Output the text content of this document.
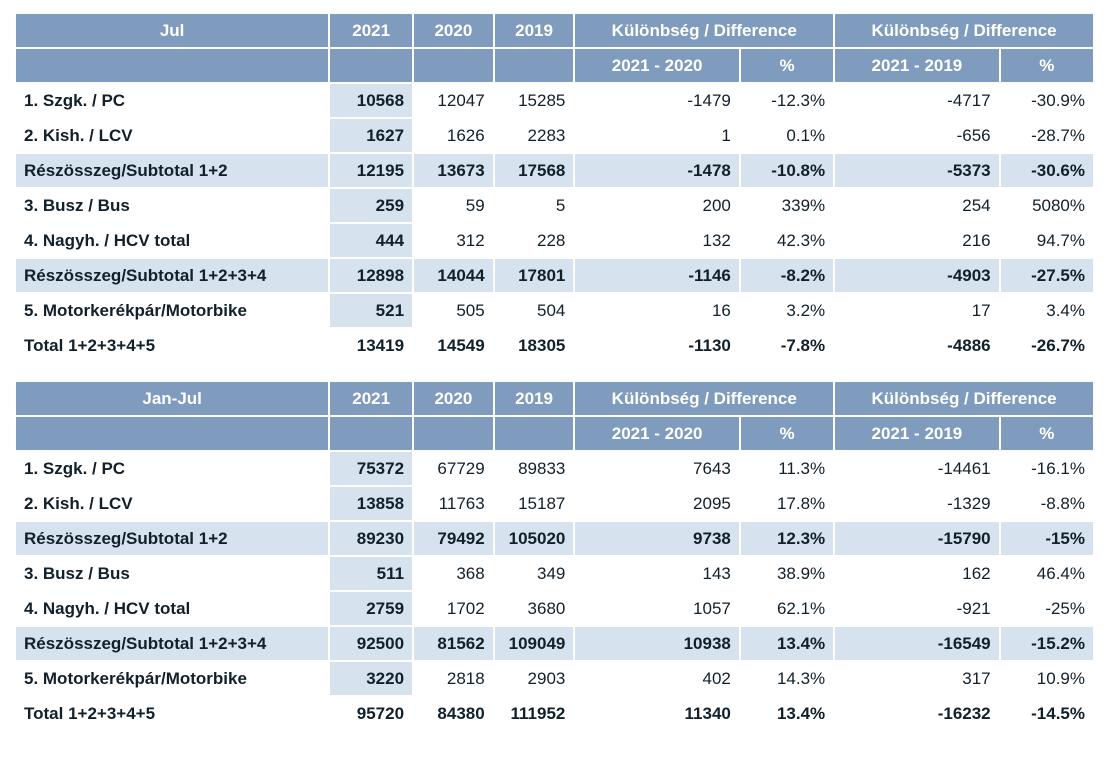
Jul	2021	2020	2019	Különbség / Difference		Különbség / Difference	
				2021 - 2020	%	2021 - 2019	%
1. Szgk. / PC	10568	12047	15285	-1479	-12.3%	-4717	-30.9%
2. Kish. / LCV	1627	1626	2283	1	0.1%	-656	-28.7%
Részösszeg/Subtotal 1+2	12195	13673	17568	-1478	-10.8%	-5373	-30.6%
3. Busz / Bus	259	59	5	200	339%	254	5080%
4. Nagyh. / HCV total	444	312	228	132	42.3%	216	94.7%
Részösszeg/Subtotal 1+2+3+4	12898	14044	17801	-1146	-8.2%	-4903	-27.5%
5. Motorkerékpár/Motorbike	521	505	504	16	3.2%	17	3.4%
Total 1+2+3+4+5	13419	14549	18305	-1130	-7.8%	-4886	-26.7%
Jan-Jul	2021	2020	2019	Különbség / Difference		Különbség / Difference	
				2021 - 2020	%	2021 - 2019	%
1. Szgk. / PC	75372	67729	89833	7643	11.3%	-14461	-16.1%
2. Kish. / LCV	13858	11763	15187	2095	17.8%	-1329	-8.8%
Részösszeg/Subtotal 1+2	89230	79492	105020	9738	12.3%	-15790	-15%
3. Busz / Bus	511	368	349	143	38.9%	162	46.4%
4. Nagyh. / HCV total	2759	1702	3680	1057	62.1%	-921	-25%
Részösszeg/Subtotal 1+2+3+4	92500	81562	109049	10938	13.4%	-16549	-15.2%
5. Motorkerékpár/Motorbike	3220	2818	2903	402	14.3%	317	10.9%
Total 1+2+3+4+5	95720	84380	111952	11340	13.4%	-16232	-14.5%
